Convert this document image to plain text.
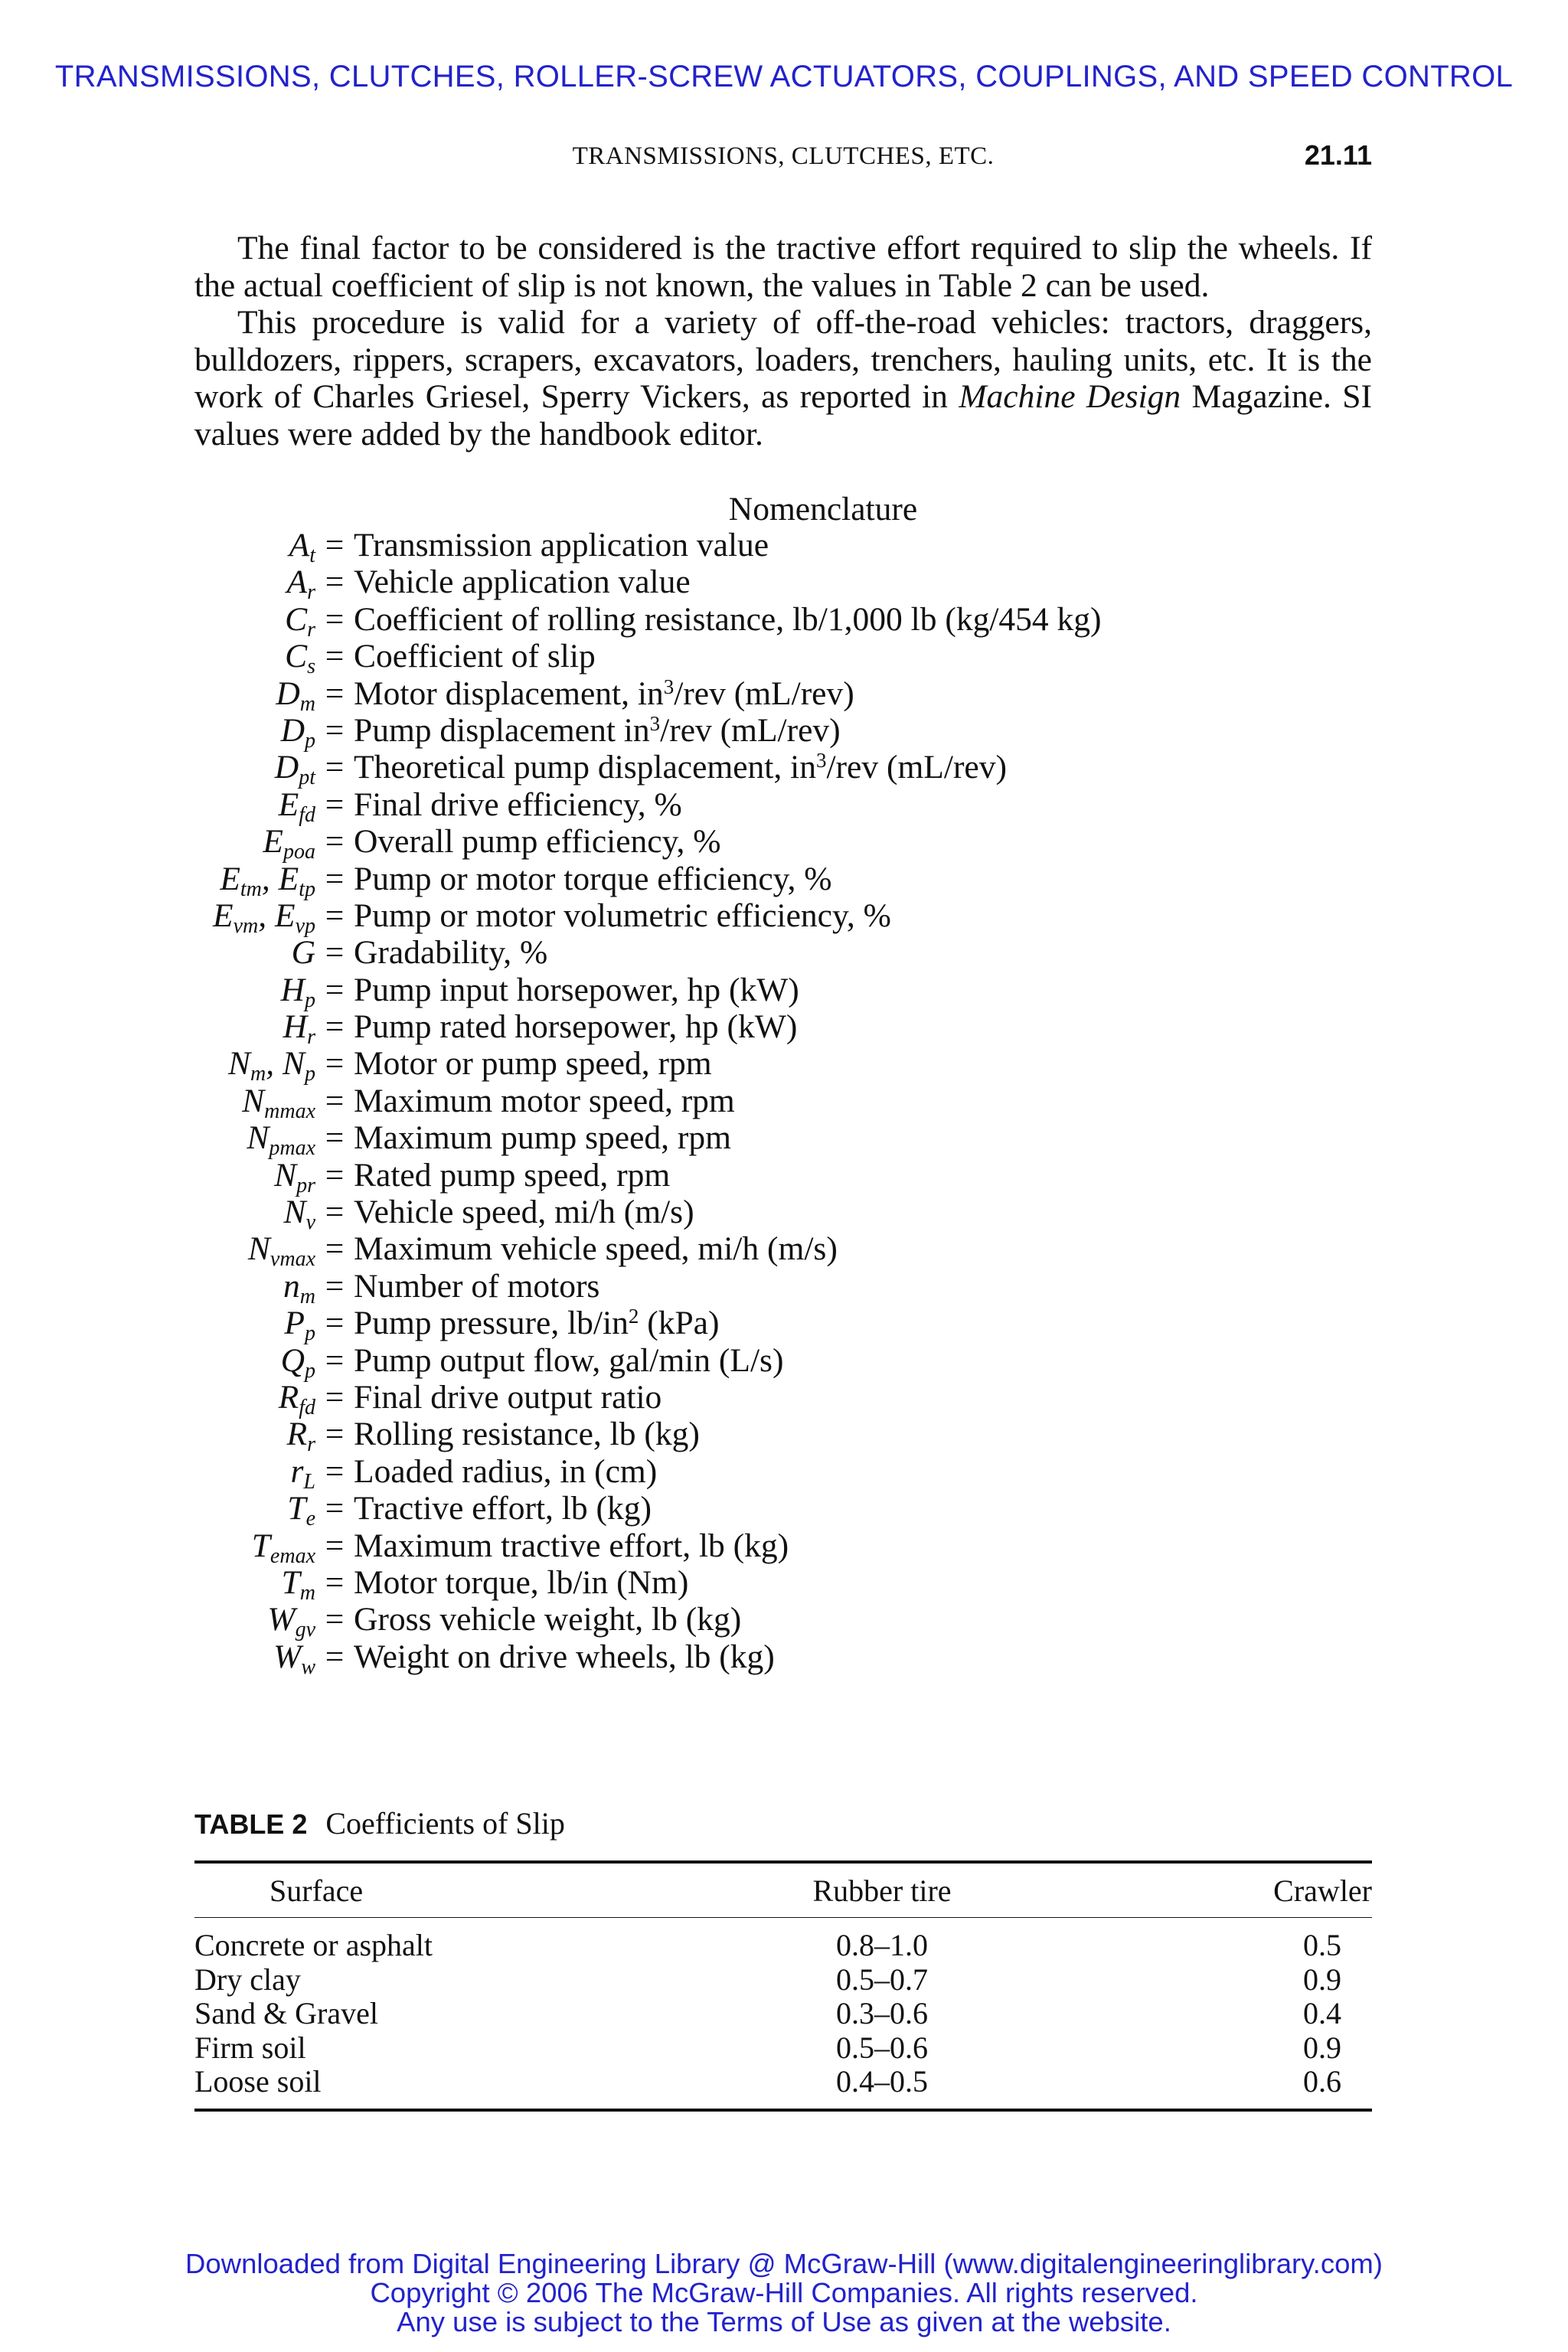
TRANSMISSIONS, CLUTCHES, ROLLER-SCREW ACTUATORS, COUPLINGS, AND SPEED CONTROL
TRANSMISSIONS, CLUTCHES, ETC.	21.11

The final factor to be considered is the tractive effort required to slip the wheels. If the actual coefficient of slip is not known, the values in Table 2 can be used.

This procedure is valid for a variety of off-the-road vehicles: tractors, draggers, bulldozers, rippers, scrapers, excavators, loaders, trenchers, hauling units, etc. It is the work of Charles Griesel, Sperry Vickers, as reported in Machine Design Magazine. SI values were added by the handbook editor.

Nomenclature
$A_t$ = Transmission application value
$A_r$ = Vehicle application value
$C_r$ = Coefficient of rolling resistance, lb/1,000 lb (kg/454 kg)
$C_s$ = Coefficient of slip
$D_m$ = Motor displacement, $in^3$/rev (mL/rev)
$D_p$ = Pump displacement $in^3$/rev (mL/rev)
$D_{pt}$ = Theoretical pump displacement, $in^3$/rev (mL/rev)
$E_{fd}$ = Final drive efficiency, %
$E_{poa}$ = Overall pump efficiency, %
$E_{tm}$, $E_{tp}$ = Pump or motor torque efficiency, %
$E_{vm}$, $E_{vp}$ = Pump or motor volumetric efficiency, %
G = Gradability, %
$H_p$ = Pump input horsepower, hp (kW)
$H_r$ = Pump rated horsepower, hp (kW)
$N_m$, $N_p$ = Motor or pump speed, rpm
$N_{mmax}$ = Maximum motor speed, rpm
$N_{pmax}$ = Maximum pump speed, rpm
$N_{pr}$ = Rated pump speed, rpm
$N_v$ = Vehicle speed, mi/h (m/s)
$N_{vmax}$ = Maximum vehicle speed, mi/h (m/s)
$n_m$ = Number of motors
$P_p$ = Pump pressure, $lb/in^2$ (kPa)
$Q_p$ = Pump output flow, gal/min (L/s)
$R_{fd}$ = Final drive output ratio
$R_r$ = Rolling resistance, lb (kg)
$r_L$ = Loaded radius, in (cm)
$T_e$ = Tractive effort, lb (kg)
$T_{emax}$ = Maximum tractive effort, lb (kg)
$T_m$ = Motor torque, lb/in (Nm)
$W_{gv}$ = Gross vehicle weight, lb (kg)
$W_w$ = Weight on drive wheels, lb (kg)
TABLE 2 Coefficients of Slip
Surface	Rubber tire	Crawler
Concrete or asphalt	0.8–1.0	0.5
Dry clay	0.5–0.7	0.9
Sand & Gravel	0.3–0.6	0.4
Firm soil	0.5–0.6	0.9
Loose soil	0.4–0.5	0.6
Downloaded from Digital Engineering Library @ McGraw-Hill (www.digitalengineeringlibrary.com)
Copyright © 2006 The McGraw-Hill Companies. All rights reserved.
Any use is subject to the Terms of Use as given at the website.
